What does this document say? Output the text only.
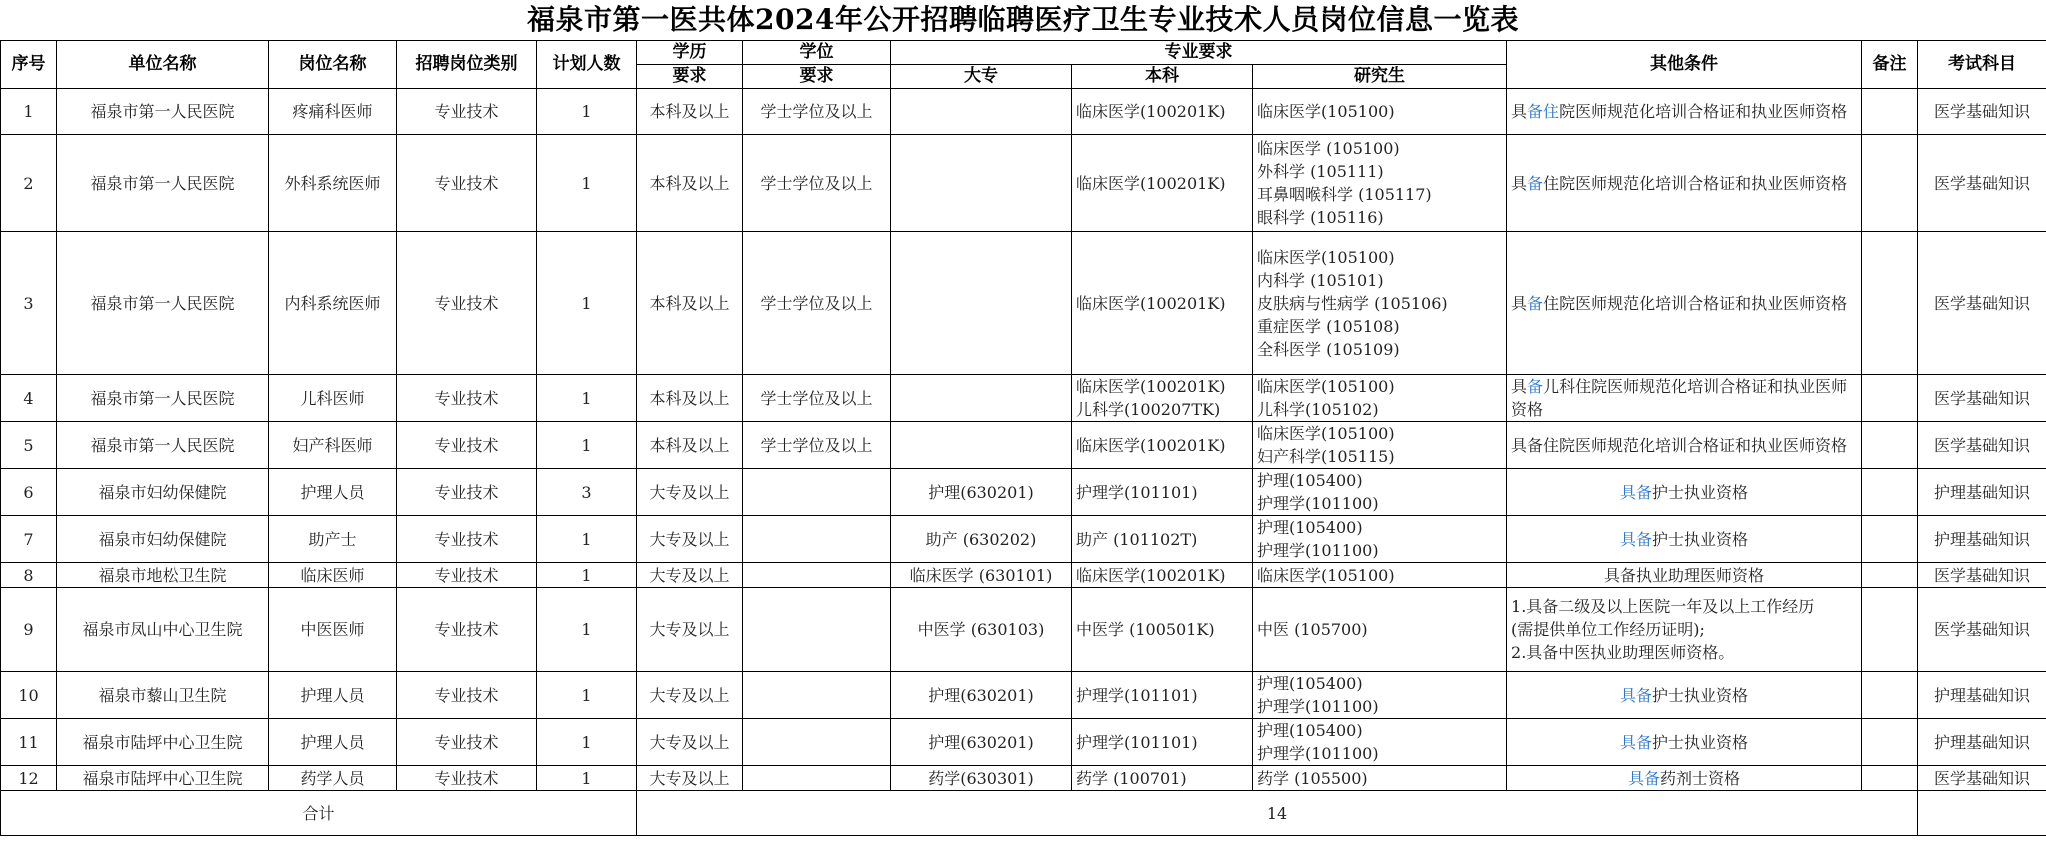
福泉市第一医共体2024年公开招聘临聘医疗卫生专业技术人员岗位信息一览表
序号	单位名称	岗位名称	招聘岗位类别	计划人数	学历	学位	专业要求			其他条件	备注	考试科目
					要求	要求	大专	本科	研究生			
1	福泉市第一人民医院	疼痛科医师	专业技术	1	本科及以上	学士学位及以上		临床医学(100201K)	临床医学(105100)	具备住院医师规范化培训合格证和执业医师资格		医学基础知识
2	福泉市第一人民医院	外科系统医师	专业技术	1	本科及以上	学士学位及以上		临床医学(100201K)	临床医学 (105100)
外科学 (105111)
耳鼻咽喉科学 (105117)
眼科学 (105116)	具备住院医师规范化培训合格证和执业医师资格		医学基础知识
3	福泉市第一人民医院	内科系统医师	专业技术	1	本科及以上	学士学位及以上		临床医学(100201K)	临床医学(105100)
内科学 (105101)
皮肤病与性病学 (105106)
重症医学 (105108)
全科医学 (105109)	具备住院医师规范化培训合格证和执业医师资格		医学基础知识
4	福泉市第一人民医院	儿科医师	专业技术	1	本科及以上	学士学位及以上		临床医学(100201K)
儿科学(100207TK)	临床医学(105100)
儿科学(105102)	具备儿科住院医师规范化培训合格证和执业医师资格		医学基础知识
5	福泉市第一人民医院	妇产科医师	专业技术	1	本科及以上	学士学位及以上		临床医学(100201K)	临床医学(105100)
妇产科学(105115)	具备住院医师规范化培训合格证和执业医师资格		医学基础知识
6	福泉市妇幼保健院	护理人员	专业技术	3	大专及以上		护理(630201)	护理学(101101)	护理(105400)
护理学(101100)	具备护士执业资格		护理基础知识
7	福泉市妇幼保健院	助产士	专业技术	1	大专及以上		助产 (630202)	助产 (101102T)	护理(105400)
护理学(101100)	具备护士执业资格		护理基础知识
8	福泉市地松卫生院	临床医师	专业技术	1	大专及以上		临床医学 (630101)	临床医学(100201K)	临床医学(105100)	具备执业助理医师资格		医学基础知识
9	福泉市凤山中心卫生院	中医医师	专业技术	1	大专及以上		中医学 (630103)	中医学 (100501K)	中医 (105700)	1.具备二级及以上医院一年及以上工作经历
(需提供单位工作经历证明);
2.具备中医执业助理医师资格。		医学基础知识
10	福泉市藜山卫生院	护理人员	专业技术	1	大专及以上		护理(630201)	护理学(101101)	护理(105400)
护理学(101100)	具备护士执业资格		护理基础知识
11	福泉市陆坪中心卫生院	护理人员	专业技术	1	大专及以上		护理(630201)	护理学(101101)	护理(105400)
护理学(101100)	具备护士执业资格		护理基础知识
12	福泉市陆坪中心卫生院	药学人员	专业技术	1	大专及以上		药学(630301)	药学 (100701)	药学 (105500)	具备药剂士资格		医学基础知识
合计					14							
